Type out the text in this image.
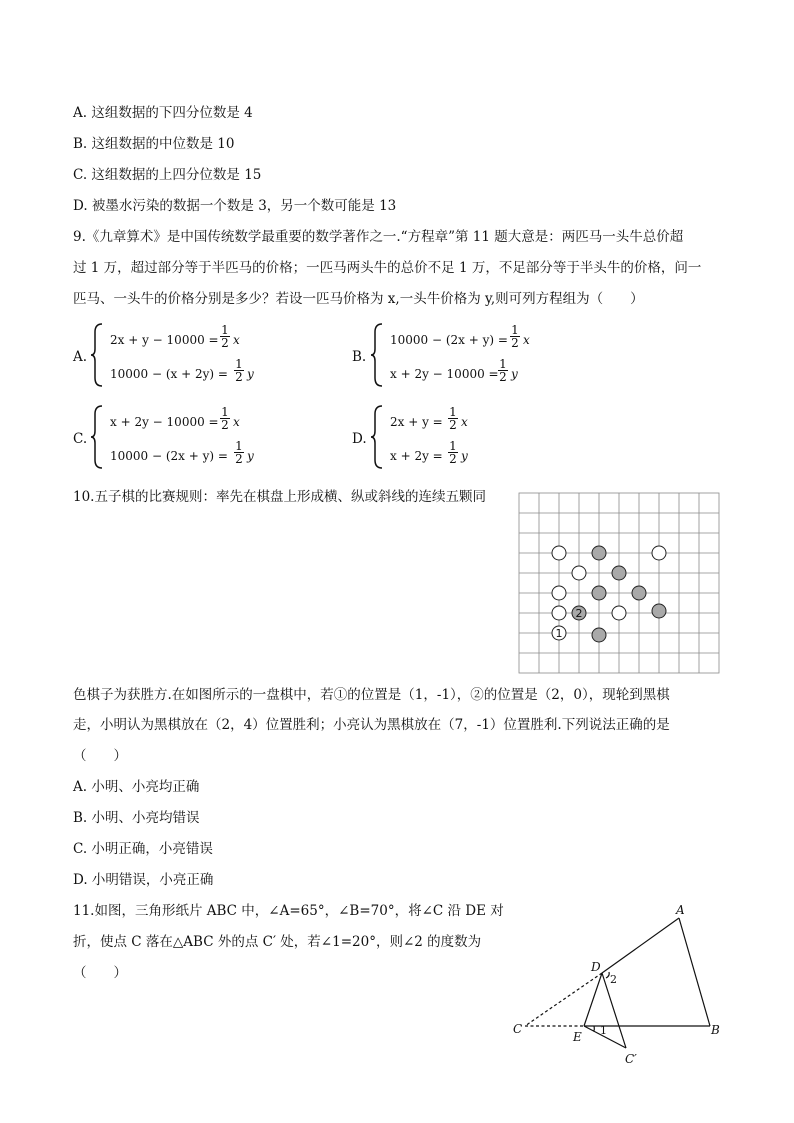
A. 这组数据的下四分位数是 4
B. 这组数据的中位数是 10
C. 这组数据的上四分位数是 15
D. 被墨水污染的数据一个数是 3，另一个数可能是 13
9.《九章算术》是中国传统数学最重要的数学著作之一.“方程章”第 11 题大意是：两匹马一头牛总价超
过 1 万，超过部分等于半匹马的价格；一匹马两头牛的总价不足 1 万，不足部分等于半头牛的价格，问一
匹马、一头牛的价格分别是多少？若设一匹马价格为 x,一头牛价格为 y,则可列方程组为（　　）
A.
$2x + y - 10000 = \frac{1}{2}$ x
$10000 - (x + 2y) = \frac{1}{2}$ y
B.
$10000 - (2x + y) = \frac{1}{2}$ x
$x + 2y - 10000 = \frac{1}{2}$ y
C.
$x + 2y - 10000 = \frac{1}{2}$ x
$10000 - (2x + y) = \frac{1}{2}$ y
D.
$2x + y = \frac{1}{2}$ x
$x + 2y = \frac{1}{2}$ y
10.五子棋的比赛规则：率先在棋盘上形成横、纵或斜线的连续五颗同
2
1
色棋子为获胜方.在如图所示的一盘棋中，若①的位置是（1，-1），②的位置是（2，0），现轮到黑棋
走，小明认为黑棋放在（2，4）位置胜利；小亮认为黑棋放在（7，-1）位置胜利.下列说法正确的是
（　　）
A. 小明、小亮均正确
B. 小明、小亮均错误
C. 小明正确，小亮错误
D. 小明错误，小亮正确
11.如图，三角形纸片 ABC 中，∠A=65°，∠B=70°，将∠C 沿 DE 对
折，使点 C 落在△ABC 外的点 C′ 处，若∠1=20°，则∠2 的度数为
（　　）
A
B
C
D
E
C′
1
2
